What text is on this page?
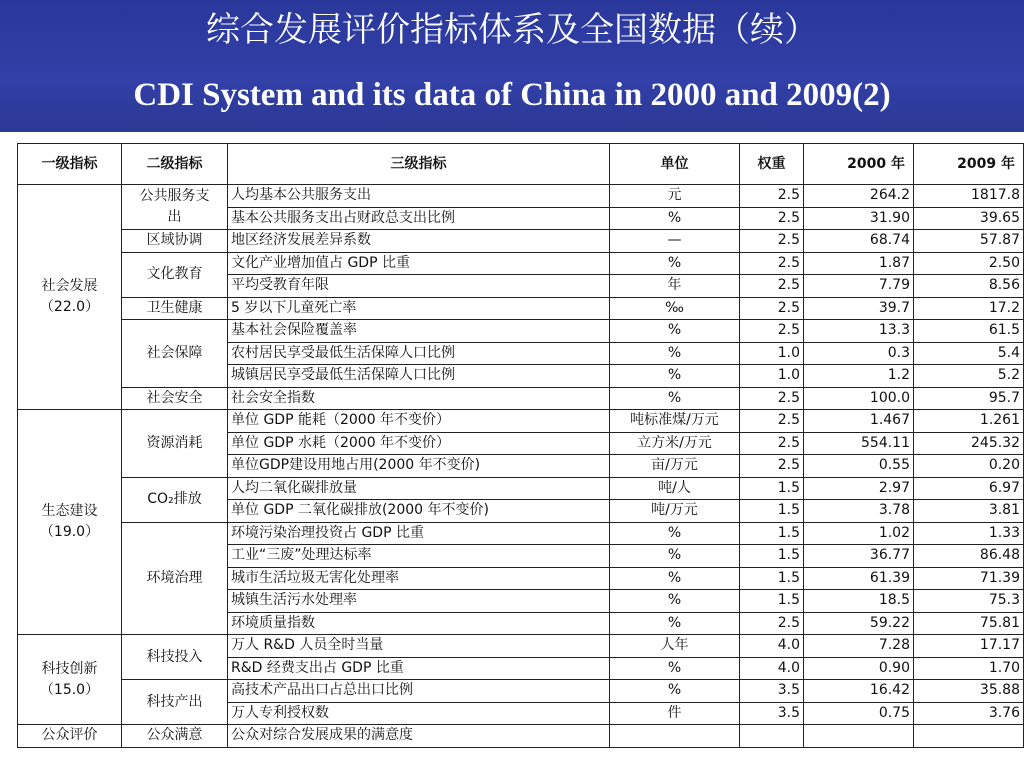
综合发展评价指标体系及全国数据（续）
CDI System and its data of China in 2000 and 2009(2)
一级指标	二级指标	三级指标	单位	权重	2000 年	2009 年

社会发展
（22.0）	公共服务支出	人均基本公共服务支出	元	2.5	264.2	1817.8
		基本公共服务支出占财政总支出比例	%	2.5	31.90	39.65
	区域协调	地区经济发展差异系数	—	2.5	68.74	57.87
	文化教育	文化产业增加值占 GDP 比重	%	2.5	1.87	2.50
		平均受教育年限	年	2.5	7.79	8.56
	卫生健康	5 岁以下儿童死亡率	‰	2.5	39.7	17.2
	社会保障	基本社会保险覆盖率	%	2.5	13.3	61.5
		农村居民享受最低生活保障人口比例	%	1.0	0.3	5.4
		城镇居民享受最低生活保障人口比例	%	1.0	1.2	5.2
	社会安全	社会安全指数	%	2.5	100.0	95.7

生态建设
（19.0）	资源消耗	单位 GDP 能耗（2000 年不变价）	吨标准煤/万元	2.5	1.467	1.261
		单位 GDP 水耗（2000 年不变价）	立方米/万元	2.5	554.11	245.32
		单位GDP建设用地占用(2000 年不变价)	亩/万元	2.5	0.55	0.20
	CO₂排放	人均二氧化碳排放量	吨/人	1.5	2.97	6.97
		单位 GDP 二氧化碳排放(2000 年不变价)	吨/万元	1.5	3.78	3.81
	环境治理	环境污染治理投资占 GDP 比重	%	1.5	1.02	1.33
		工业“三废”处理达标率	%	1.5	36.77	86.48
		城市生活垃圾无害化处理率	%	1.5	61.39	71.39
		城镇生活污水处理率	%	1.5	18.5	75.3
		环境质量指数	%	2.5	59.22	75.81

科技创新
（15.0）	科技投入	万人 R&D 人员全时当量	人年	4.0	7.28	17.17
		R&D 经费支出占 GDP 比重	%	4.0	0.90	1.70
	科技产出	高技术产品出口占总出口比例	%	3.5	16.42	35.88
		万人专利授权数	件	3.5	0.75	3.76

公众评价	公众满意	公众对综合发展成果的满意度				
